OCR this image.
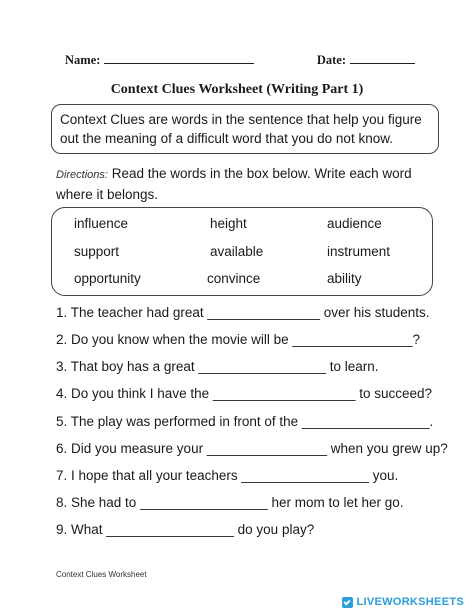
Name:	Date:
Context Clues Worksheet (Writing Part 1)
Context Clues are words in the sentence that help you figure out the meaning of a difficult word that you do not know.
Directions: Read the words in the box below. Write each word where it belongs.
influence	height	audience
support	available	instrument
opportunity	convince	ability
1. The teacher had great _______________ over his students.
2. Do you know when the movie will be ________________?
3. That boy has a great _________________ to learn.
4. Do you think I have the ___________________ to succeed?
5. The play was performed in front of the _________________.
6. Did you measure your ________________ when you grew up?
7. I hope that all your teachers _________________ you.
8. She had to _________________ her mom to let her go.
9. What _________________ do you play?
Context Clues Worksheet
LIVEWORKSHEETS
